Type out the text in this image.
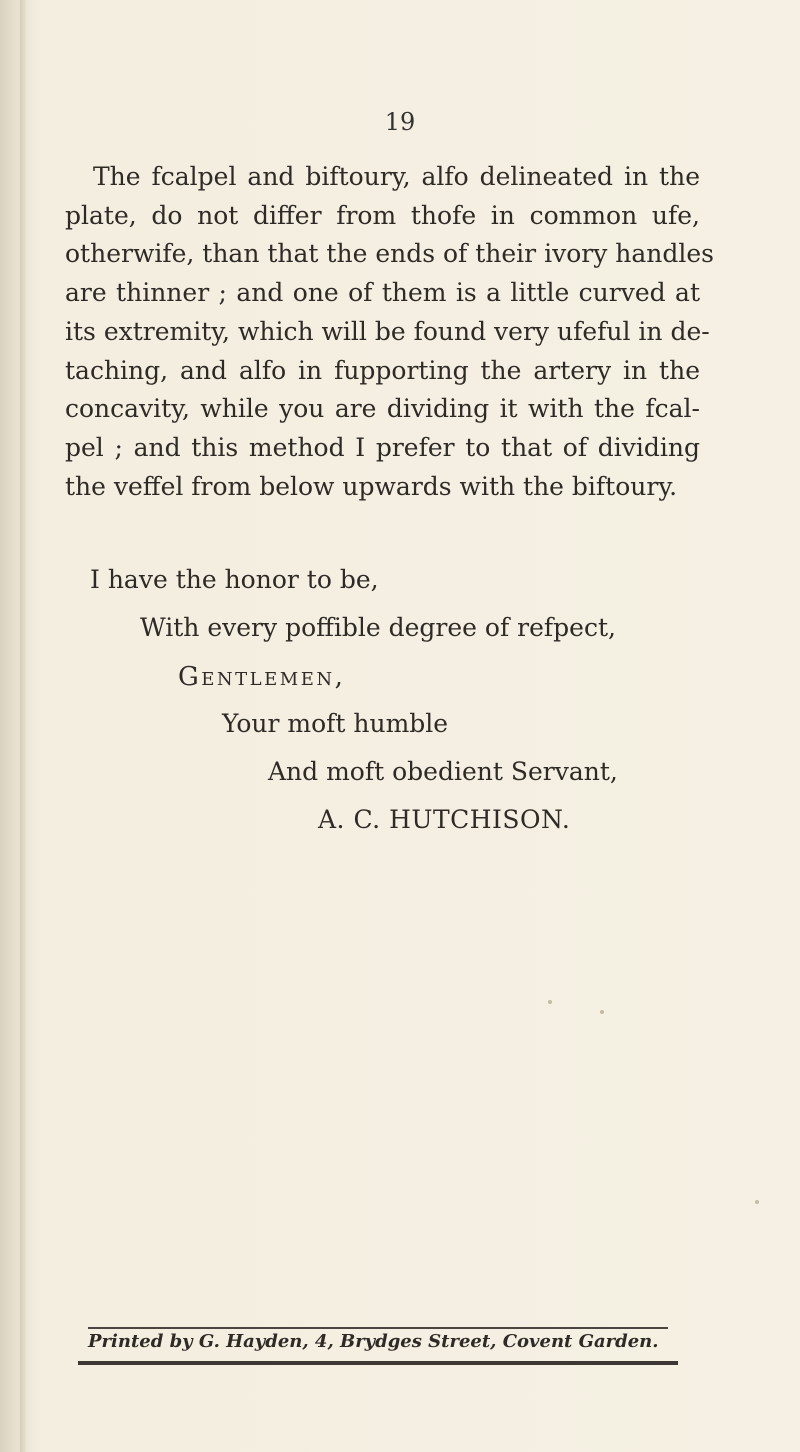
19
The fcalpel and biftoury, alfo delineated in the
plate, do not differ from thofe in common ufe,
otherwife, than that the ends of their ivory handles
are thinner ; and one of them is a little curved at
its extremity, which will be found very ufeful in de-
taching, and alfo in fupporting the artery in the
concavity, while you are dividing it with the fcal-
pel ; and this method I prefer to that of dividing
the veffel from below upwards with the biftoury.
I have the honor to be,
With every poffible degree of refpect,
Gentlemen,
Your moft humble
And moft obedient Servant,
A. C. HUTCHISON.
Printed by G. Hayden, 4, Brydges Street, Covent Garden.
